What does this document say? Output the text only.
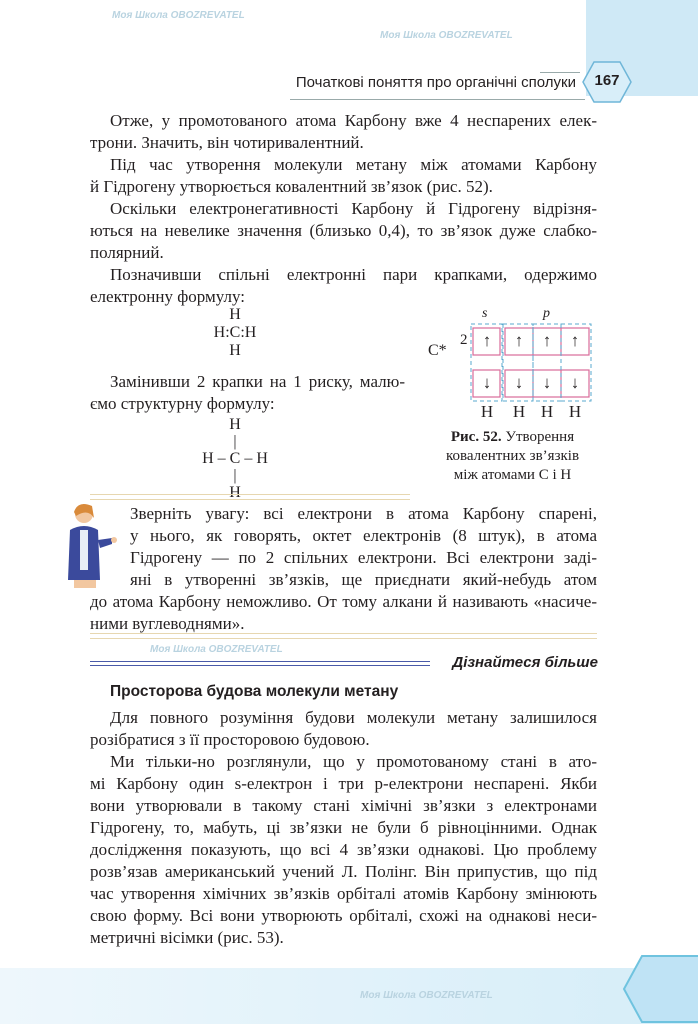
Початкові поняття про органічні сполуки	167
Моя Школа OBOZREVATEL
Моя Школа OBOZREVATEL
Моя Школа OBOZREVATEL
Моя Школа OBOZREVATEL
Отже, у промотованого атома Карбону вже 4 неспарених елек-
трони. Значить, він чотиривалентний.
Під час утворення молекули метану між атомами Карбону
й Гідрогену утворюється ковалентний зв’язок (рис. 52).
Оскільки електронегативності Карбону й Гідрогену відрізня-
ються на невелике значення (близько 0,4), то зв’язок дуже слабко-
полярний.
Позначивши спільні електронні пари крапками, одержимо
електронну формулу:
H
H:C:H
H
Замінивши 2 крапки на 1 риску, малю-
ємо структурну формулу:
H
|
H – C – H
|
H
s	p
C*
2 ↑
↓
H
↑
↓
H
↑
↓
H
↑
↓
H
Рис. 52. Утворення
ковалентних зв’язків
між атомами С і Н
Зверніть увагу: всі електрони в атома Карбону спарені,
у нього, як говорять, октет електронів (8 штук), в атома
Гідрогену — по 2 спільних електрони. Всі електрони заді-
яні в утворенні зв’язків, ще приєднати який-небудь атом
до атома Карбону неможливо. От тому алкани й називають «насиче-
ними вуглеводнями».
Дізнайтеся більше
Просторова будова молекули метану
Для повного розуміння будови молекули метану залишилося
розібратися з її просторовою будовою.
Ми тільки-но розглянули, що у промотованому стані в ато-
мі Карбону один s-електрон і три p-електрони неспарені. Якби
вони утворювали в такому стані хімічні зв’язки з електронами
Гідрогену, то, мабуть, ці зв’язки не були б рівноцінними. Однак
дослідження показують, що всі 4 зв’язки однакові. Цю проблему
розв’язав американський учений Л. Полінг. Він припустив, що під
час утворення хімічних зв’язків орбіталі атомів Карбону змінюють
свою форму. Всі вони утворюють орбіталі, схожі на однакові неси-
метричні вісімки (рис. 53).
